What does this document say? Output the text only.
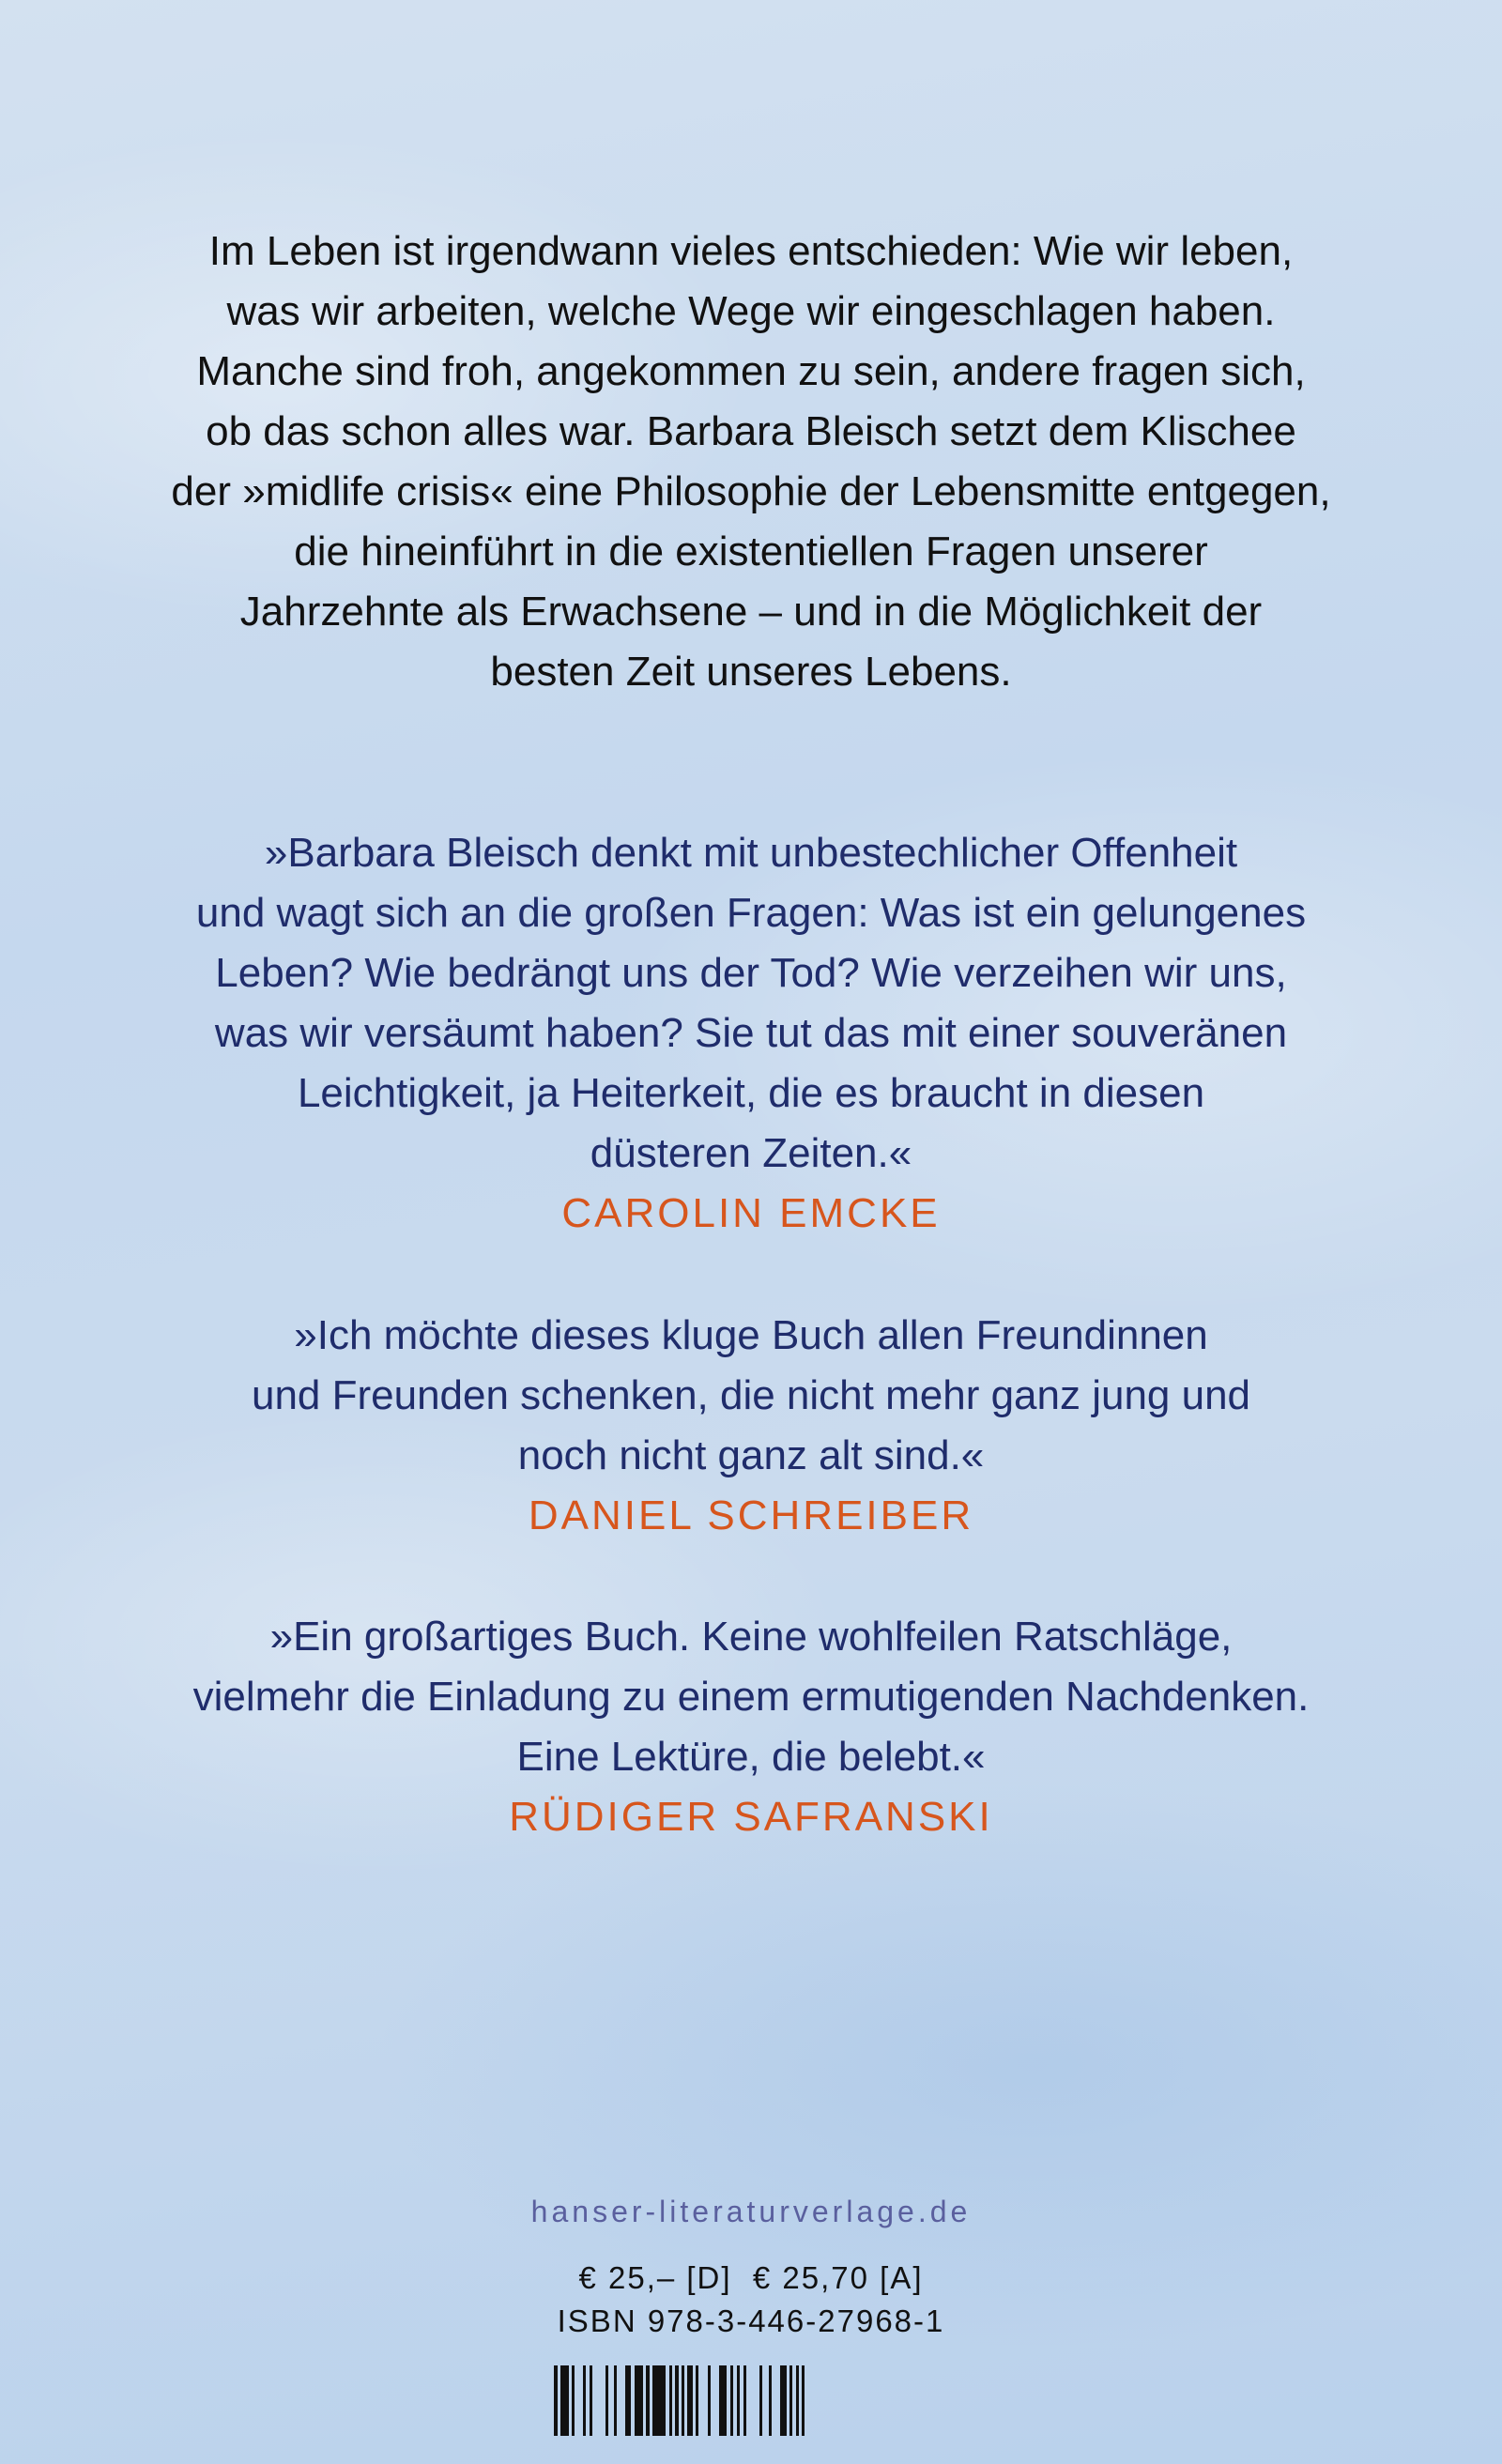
Im Leben ist irgendwann vieles entschieden: Wie wir leben,
was wir arbeiten, welche Wege wir eingeschlagen haben.
Manche sind froh, angekommen zu sein, andere fragen sich,
ob das schon alles war. Barbara Bleisch setzt dem Klischee
der »midlife crisis« eine Philosophie der Lebensmitte entgegen,
die hineinführt in die existentiellen Fragen unserer
Jahrzehnte als Erwachsene – und in die Möglichkeit der
besten Zeit unseres Lebens.
»Barbara Bleisch denkt mit unbestechlicher Offenheit
und wagt sich an die großen Fragen: Was ist ein gelungenes
Leben? Wie bedrängt uns der Tod? Wie verzeihen wir uns,
was wir versäumt haben? Sie tut das mit einer souveränen
Leichtigkeit, ja Heiterkeit, die es braucht in diesen
düsteren Zeiten.«
CAROLIN EMCKE
»Ich möchte dieses kluge Buch allen Freundinnen
und Freunden schenken, die nicht mehr ganz jung und
noch nicht ganz alt sind.«
DANIEL SCHREIBER
»Ein großartiges Buch. Keine wohlfeilen Ratschläge,
vielmehr die Einladung zu einem ermutigenden Nachdenken.
Eine Lektüre, die belebt.«
RÜDIGER SAFRANSKI
hanser-literaturverlage.de
€ 25,– [D]  € 25,70 [A]
ISBN 978-3-446-27968-1
